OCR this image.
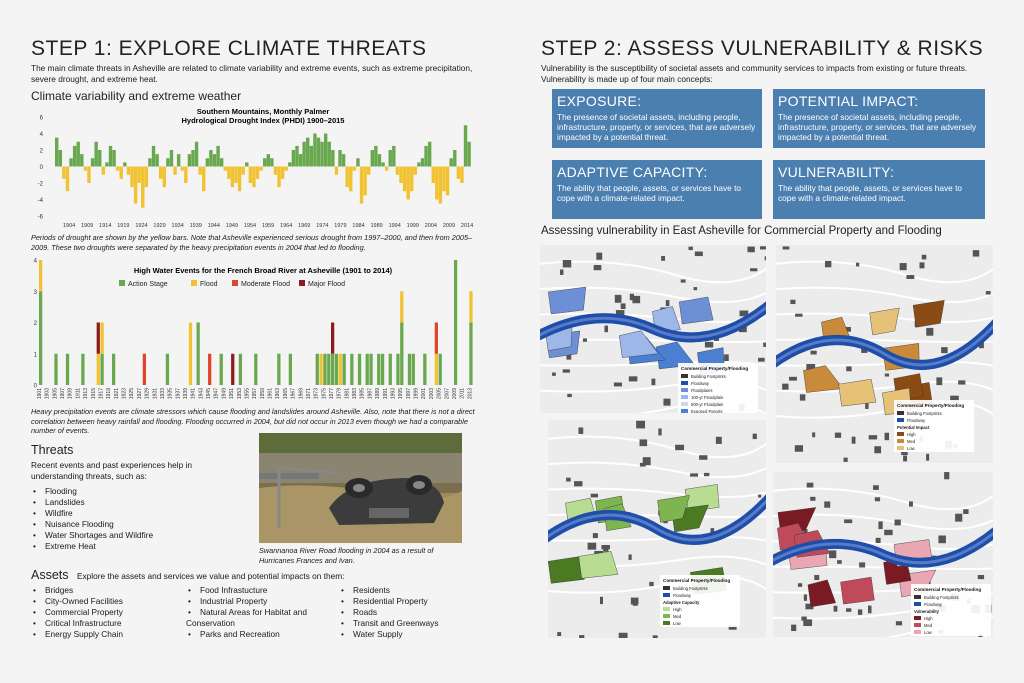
STEP 1: EXPLORE CLIMATE THREATS
The main climate threats in Asheville are related to climate variability and extreme events, such as extreme precipitation, severe drought, and extreme heat.
Climate variability and extreme weather
Southern Mountains, Monthly Palmer
Hydrological Drought Index (PHDI) 1900–2015
6
4
2
0
-2
-4
-6
1904 1909 1914 1919 1924 1929 1934 1939 1944 1949 1954 1959 1964 1969 1974 1979 1984 1989 1994 1999 2004 2009 2014
Periods of drought are shown by the yellow bars. Note that Asheville experienced serious drought from 1997–2000, and then from 2005–2009. These two droughts were separated by the heavy precipitation events in 2004 that led to flooding.
High Water Events for the French Broad River at Asheville (1901 to 2014)
Action Stage	Flood	Moderate Flood	Major Flood
0
1
2
3
4
1901 1903 1905 1907 1909 1911 1913 1915 1917 1919 1921 1923 1925 1927 1929 1931 1933 1935 1937 1939 1941 1943 1945 1947 1949 1951 1953 1955 1957 1959 1961 1963 1965 1967 1969 1971 1973 1975 1977 1979 1981 1983 1985 1987 1989 1991 1993 1995 1997 1999 2001 2003 2005 2007 2009 2011 2013
Heavy precipitation events are climate stressors which cause flooding and landslides around Asheville. Also, note that there is not a direct correlation between heavy rainfall and flooding. Flooding occurred in 2004, but did not occur in 2013 even though we had a comparable number of events.
Threats
Recent events and past experiences help in understanding threats, such as:
• Flooding
• Landslides
• Wildfire
• Nuisance Flooding
• Water Shortages and Wildfire
• Extreme Heat	Swannanoa River Road flooding in 2004 as a result of Hurricanes Frances and Ivan.
Assets Explore the assets and services we value and potential impacts on them:
• Bridges
• City-Owned Facilities
• Commercial Property
• Critical Infrastructure
• Energy Supply Chain
• Food Infrastucture
• Industrial Property
• Natural Areas for Habitat and
Conservation
• Parks and Recreation
• Residents
• Residential Property
• Roads
• Transit and Greenways
• Water Supply
STEP 2: ASSESS VULNERABILITY & RISKS
Vulnerability is the susceptibility of societal assets and community services to impacts from existing or future threats. Vulnerability is made up of four main concepts:
EXPOSURE:
The presence of societal assets, including people, infrastructure, property, or services, that are adversely impacted by a potential threat.
POTENTIAL IMPACT:
The presence of societal assets, including people, infrastructure, property, or services, that are adversely impacted by a potential threat.
ADAPTIVE CAPACITY:
The ability that people, assets, or services have to cope with a climate-related impact.
VULNERABILITY:
The ability that people, assets, or services have to cope with a climate-related impact.
Assessing vulnerability in East Asheville for Commercial Property and Flooding
Commercial Property/Flooding
Building Footprints
Floodway
Floodplains
100-yr Floodplain
500-yr Floodplain
Exposed Parcels
Commercial Property/Flooding
Building Footprints
Floodway
Potential Impact
High
Med
Low
Commercial Property/Flooding
Building Footprints
Floodway
Adaptive Capacity
High
Med
Low
Commercial Property/Flooding
Building Footprints
Floodway
Vulnerability
High
Med
Low
